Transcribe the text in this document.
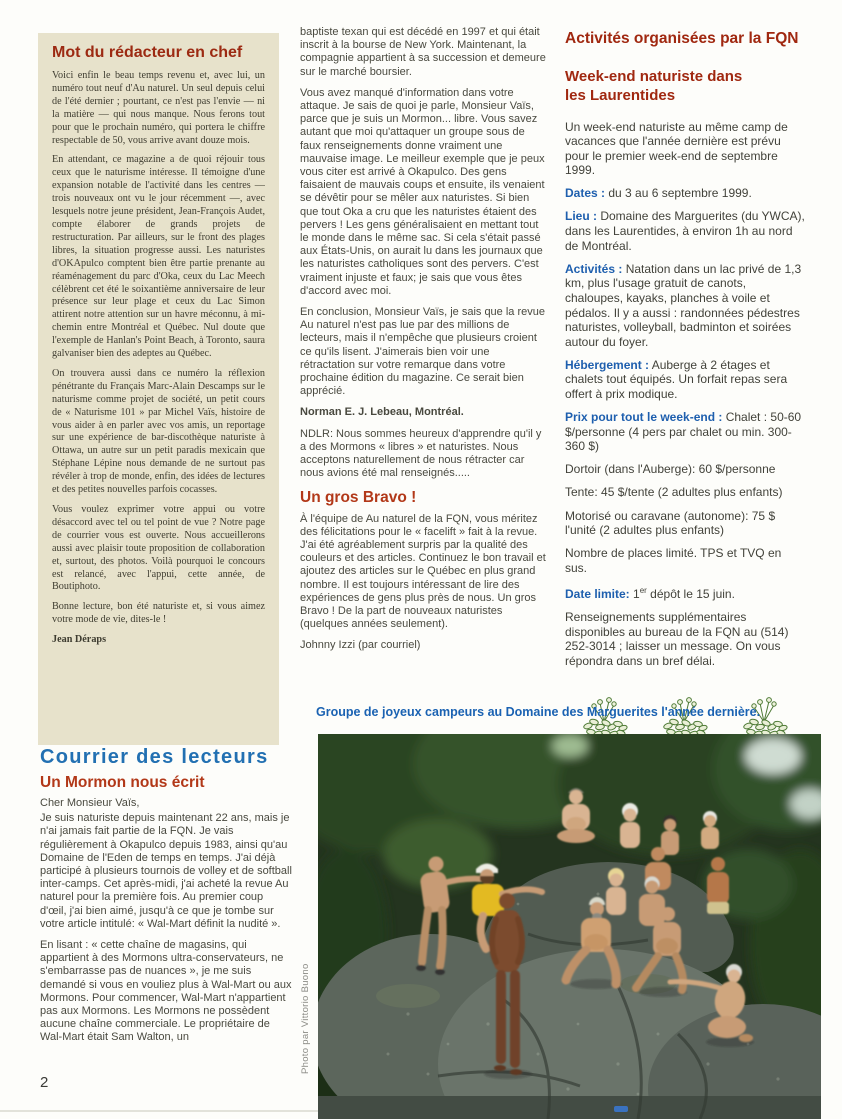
Mot du rédacteur en chef

Voici enfin le beau temps revenu et, avec lui, un numéro tout neuf d'Au naturel. Un seul depuis celui de l'été dernier ; pourtant, ce n'est pas l'envie — ni la matière — qui nous manque. Nous ferons tout pour que le prochain numéro, qui portera le chiffre respectable de 50, vous arrive avant douze mois.

En attendant, ce magazine a de quoi réjouir tous ceux que le naturisme intéresse. Il témoigne d'une expansion notable de l'activité dans les centres — trois nouveaux ont vu le jour récemment —, avec lesquels notre jeune président, Jean-François Audet, compte élaborer de grands projets de restructuration. Par ailleurs, sur le front des plages libres, la situation progresse aussi. Les naturistes d'OKApulco comptent bien être partie prenante au réaménagement du parc d'Oka, ceux du Lac Meech célèbrent cet été le soixantième anniversaire de leur présence sur leur plage et ceux du Lac Simon attirent notre attention sur un havre méconnu, à mi-chemin entre Montréal et Québec. Nul doute que l'exemple de Hanlan's Point Beach, à Toronto, saura galvaniser bien des adeptes au Québec.

On trouvera aussi dans ce numéro la réflexion pénétrante du Français Marc-Alain Descamps sur le naturisme comme projet de société, un petit cours de « Naturisme 101 » par Michel Vaïs, histoire de vous aider à en parler avec vos amis, un reportage sur une expérience de bar-discothèque naturiste à Ottawa, un autre sur un petit paradis mexicain que Stéphane Lépine nous demande de ne surtout pas révéler à trop de monde, enfin, des idées de lectures et des petites nouvelles parfois cocasses.

Vous voulez exprimer votre appui ou votre désaccord avec tel ou tel point de vue ? Notre page de courrier vous est ouverte. Nous accueillerons aussi avec plaisir toute proposition de collaboration et, surtout, des photos. Voilà pourquoi le concours est relancé, avec l'appui, cette année, de Boutiphoto.

Bonne lecture, bon été naturiste et, si vous aimez votre mode de vie, dites-le !

Jean Déraps

Courrier des lecteurs
Un Mormon nous écrit

Cher Monsieur Vaïs,

Je suis naturiste depuis maintenant 22 ans, mais je n'ai jamais fait partie de la FQN. Je vais régulièrement à Okapulco depuis 1983, ainsi qu'au Domaine de l'Eden de temps en temps. J'ai déjà participé à plusieurs tournois de volley et de softball inter-camps. Cet après-midi, j'ai acheté la revue Au naturel pour la première fois. Au premier coup d'œil, j'ai bien aimé, jusqu'à ce que je tombe sur votre article intitulé: « Wal-Mart définit la nudité ».

En lisant : « cette chaîne de magasins, qui appartient à des Mormons ultra-conservateurs, ne s'embarrasse pas de nuances », je me suis demandé si vous en vouliez plus à Wal-Mart ou aux Mormons. Pour commencer, Wal-Mart n'appartient pas aux Mormons. Les Mormons ne possèdent aucune chaîne commerciale. Le propriétaire de Wal-Mart était Sam Walton, un

baptiste texan qui est décédé en 1997 et qui était inscrit à la bourse de New York. Maintenant, la compagnie appartient à sa succession et demeure sur le marché boursier.

Vous avez manqué d'information dans votre attaque. Je sais de quoi je parle, Monsieur Vaïs, parce que je suis un Mormon... libre. Vous savez autant que moi qu'attaquer un groupe sous de faux renseignements donne vraiment une mauvaise image. Le meilleur exemple que je peux vous citer est arrivé à Okapulco. Des gens faisaient de mauvais coups et ensuite, ils venaient se dévêtir pour se mêler aux naturistes. Si bien que tout Oka a cru que les naturistes étaient des pervers ! Les gens généralisaient en mettant tout le monde dans le même sac. Si cela s'était passé aux États-Unis, on aurait lu dans les journaux que les naturistes catholiques sont des pervers. C'est vraiment injuste et faux; je sais que vous êtes d'accord avec moi.

En conclusion, Monsieur Vaïs, je sais que la revue Au naturel n'est pas lue par des millions de lecteurs, mais il n'empêche que plusieurs croient ce qu'ils lisent. J'aimerais bien voir une rétractation sur votre remarque dans votre prochaine édition du magazine. Ce serait bien apprécié.

Norman E. J. Lebeau, Montréal.

NDLR: Nous sommes heureux d'apprendre qu'il y a des Mormons « libres » et naturistes. Nous acceptons naturellement de nous rétracter car nous avions été mal renseignés.....

Un gros Bravo !

À l'équipe de Au naturel de la FQN, vous méritez des félicitations pour le « facelift » fait à la revue. J'ai été agréablement surpris par la qualité des couleurs et des articles. Continuez le bon travail et ajoutez des articles sur le Québec en plus grand nombre. Il est toujours intéressant de lire des expériences de gens plus près de nous. Un gros Bravo ! De la part de nouveaux naturistes (quelques années seulement).

Johnny Izzi (par courriel)

Activités organisées par la FQN
Week-end naturiste dans les Laurentides

Un week-end naturiste au même camp de vacances que l'année dernière est prévu pour le premier week-end de septembre 1999.

Dates : du 3 au 6 septembre 1999.

Lieu : Domaine des Marguerites (du YWCA), dans les Laurentides, à environ 1h au nord de Montréal.

Activités : Natation dans un lac privé de 1,3 km, plus l'usage gratuit de canots, chaloupes, kayaks, planches à voile et pédalos. Il y a aussi : randonnées pédestres naturistes, volleyball, badminton et soirées autour du foyer.

Hébergement : Auberge à 2 étages et chalets tout équipés. Un forfait repas sera offert à prix modique.

Prix pour tout le week-end : Chalet : 50-60 $/personne (4 pers par chalet ou min. 300-360 $)

Dortoir (dans l'Auberge): 60 $/personne

Tente: 45 $/tente (2 adultes plus enfants)

Motorisé ou caravane (autonome): 75 $ l'unité (2 adultes plus enfants)

Nombre de places limité. TPS et TVQ en sus.

Date limite: 1er dépôt le 15 juin.

Renseignements supplémentaires disponibles au bureau de la FQN au (514) 252-3014 ; laisser un message. On vous répondra dans un bref délai.

Groupe de joyeux campeurs au Domaine des Marguerites l'année dernière.
Photo par Vittorio Buono
2
